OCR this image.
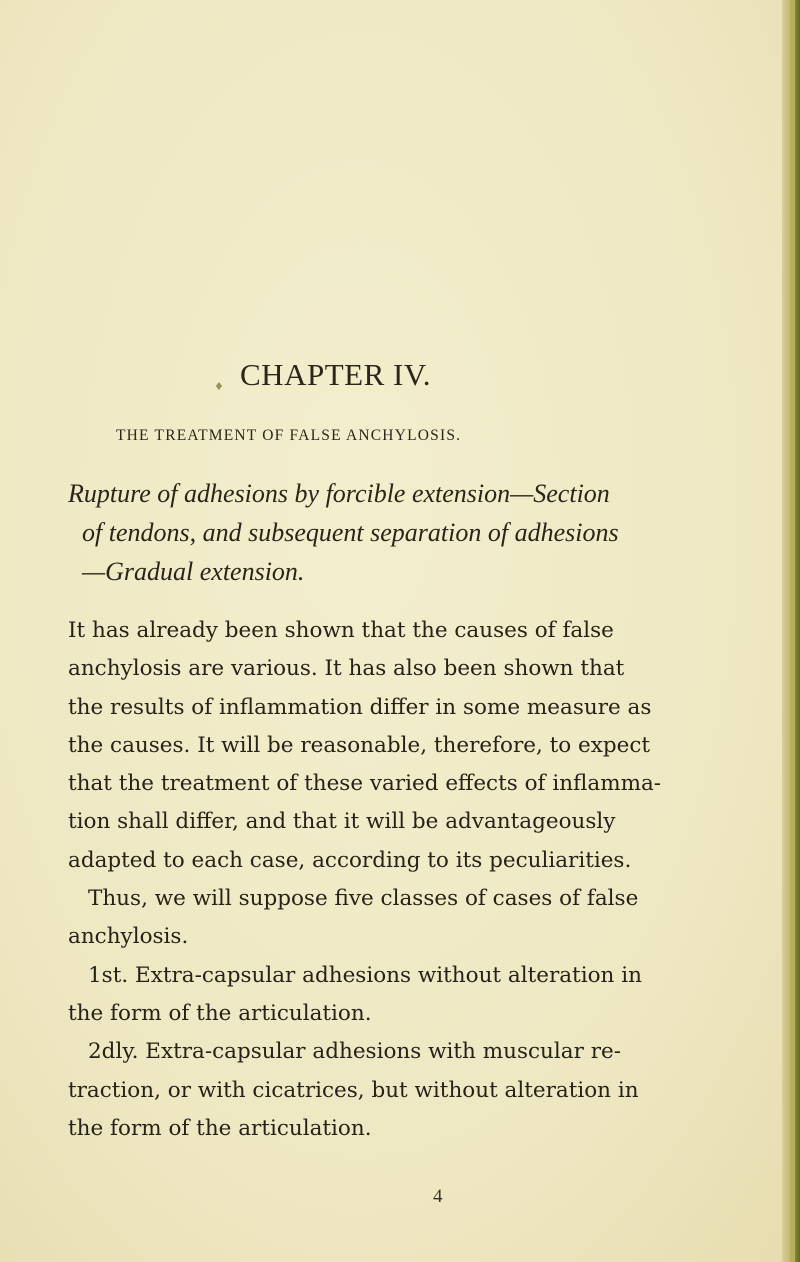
CHAPTER IV.
♦
THE TREATMENT OF FALSE ANCHYLOSIS.
Rupture of adhesions by forcible extension—Section
of tendons, and subsequent separation of adhesions
—Gradual extension.
It has already been shown that the causes of false
anchylosis are various. It has also been shown that
the results of inflammation differ in some measure as
the causes. It will be reasonable, therefore, to expect
that the treatment of these varied effects of inflamma-
tion shall differ, and that it will be advantageously
adapted to each case, according to its peculiarities.
Thus, we will suppose five classes of cases of false
anchylosis.
1st. Extra-capsular adhesions without alteration in
the form of the articulation.
2dly. Extra-capsular adhesions with muscular re-
traction, or with cicatrices, but without alteration in
the form of the articulation.
4
